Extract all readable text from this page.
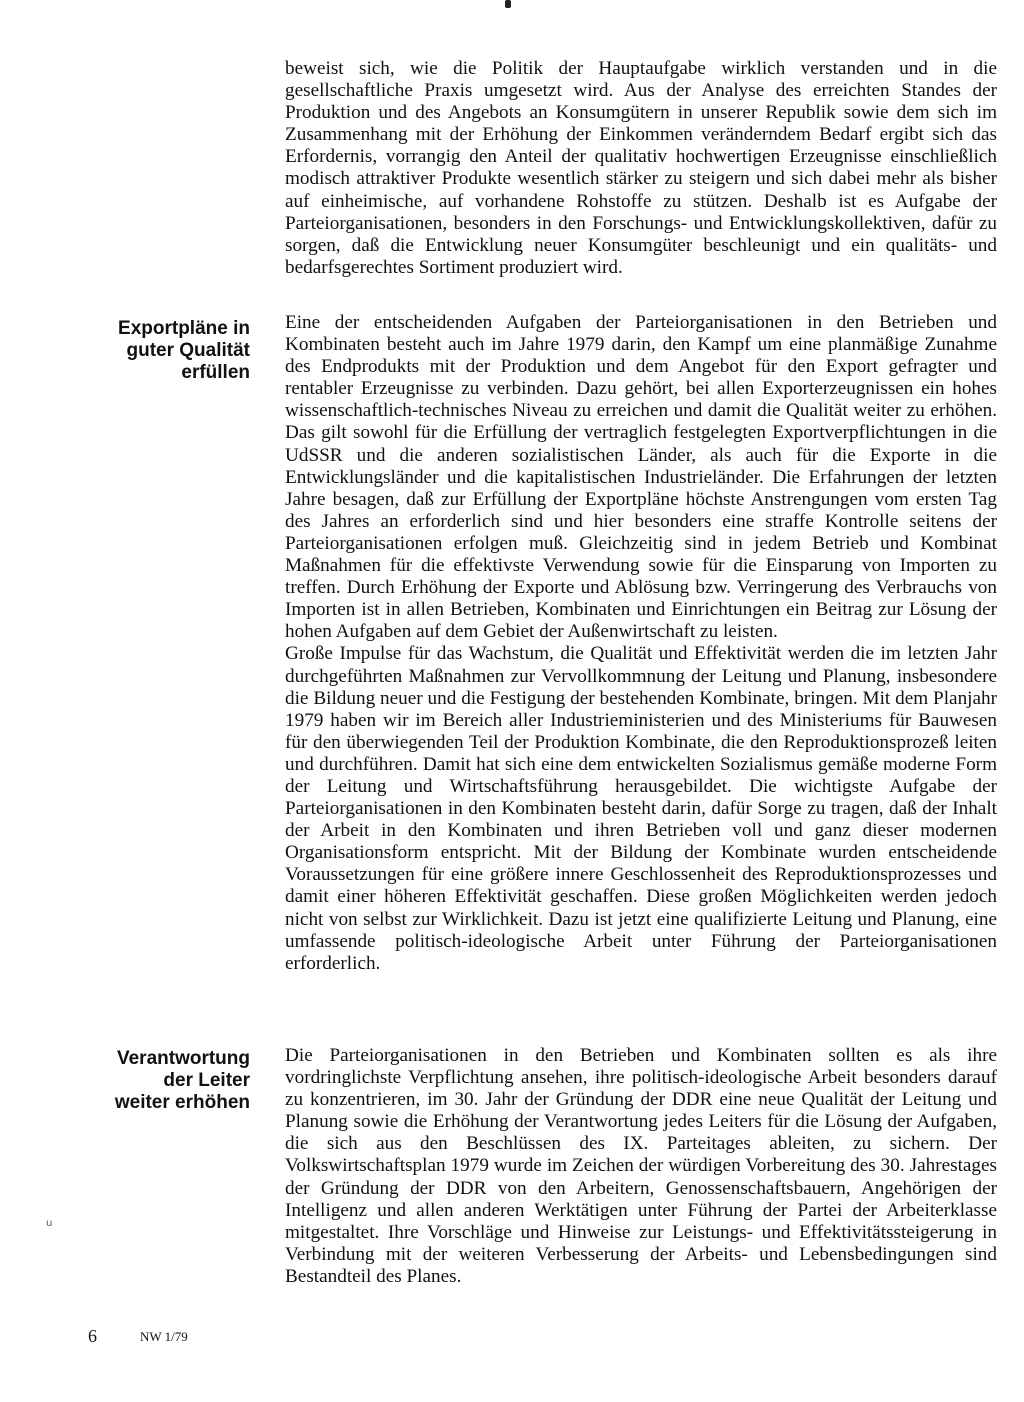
beweist sich, wie die Politik der Hauptaufgabe wirklich verstanden und in die gesellschaftliche Praxis umgesetzt wird. Aus der Analyse des erreichten Standes der Produktion und des Angebots an Konsumgütern in unserer Republik sowie dem sich im Zusammenhang mit der Erhöhung der Einkommen veränderndem Bedarf ergibt sich das Erfordernis, vorrangig den Anteil der qualitativ hochwertigen Erzeugnisse einschließlich modisch attraktiver Produkte wesentlich stärker zu steigern und sich dabei mehr als bisher auf einheimische, auf vorhandene Rohstoffe zu stützen. Deshalb ist es Aufgabe der Parteiorganisationen, besonders in den Forschungs- und Entwicklungskollektiven, dafür zu sorgen, daß die Entwicklung neuer Konsumgüter beschleunigt und ein qualitäts- und bedarfsgerechtes Sortiment produziert wird.

Exportpläne in
guter Qualität
erfüllen

Eine der entscheidenden Aufgaben der Parteiorganisationen in den Betrieben und Kombinaten besteht auch im Jahre 1979 darin, den Kampf um eine planmäßige Zunahme des Endprodukts mit der Produktion und dem Angebot für den Export gefragter und rentabler Erzeugnisse zu verbinden. Dazu gehört, bei allen Exporterzeugnissen ein hohes wissenschaftlich-technisches Niveau zu erreichen und damit die Qualität weiter zu erhöhen. Das gilt sowohl für die Erfüllung der vertraglich festgelegten Exportverpflichtungen in die UdSSR und die anderen sozialistischen Länder, als auch für die Exporte in die Entwicklungsländer und die kapitalistischen Industrieländer. Die Erfahrungen der letzten Jahre besagen, daß zur Erfüllung der Exportpläne höchste Anstrengungen vom ersten Tag des Jahres an erforderlich sind und hier besonders eine straffe Kontrolle seitens der Parteiorganisationen erfolgen muß. Gleichzeitig sind in jedem Betrieb und Kombinat Maßnahmen für die effektivste Verwendung sowie für die Einsparung von Importen zu treffen. Durch Erhöhung der Exporte und Ablösung bzw. Verringerung des Verbrauchs von Importen ist in allen Betrieben, Kombinaten und Einrichtungen ein Beitrag zur Lösung der hohen Aufgaben auf dem Gebiet der Außenwirtschaft zu leisten.

Große Impulse für das Wachstum, die Qualität und Effektivität werden die im letzten Jahr durchgeführten Maßnahmen zur Vervollkommnung der Leitung und Planung, insbesondere die Bildung neuer und die Festigung der bestehenden Kombinate, bringen. Mit dem Planjahr 1979 haben wir im Bereich aller Industrieministerien und des Ministeriums für Bauwesen für den überwiegenden Teil der Produktion Kombinate, die den Reproduktionsprozeß leiten und durchführen. Damit hat sich eine dem entwickelten Sozialismus gemäße moderne Form der Leitung und Wirtschaftsführung herausgebildet. Die wichtigste Aufgabe der Parteiorganisationen in den Kombinaten besteht darin, dafür Sorge zu tragen, daß der Inhalt der Arbeit in den Kombinaten und ihren Betrieben voll und ganz dieser modernen Organisationsform entspricht. Mit der Bildung der Kombinate wurden entscheidende Voraussetzungen für eine größere innere Geschlossenheit des Reproduktionsprozesses und damit einer höheren Effektivität geschaffen. Diese großen Möglichkeiten werden jedoch nicht von selbst zur Wirklichkeit. Dazu ist jetzt eine qualifizierte Leitung und Planung, eine umfassende politisch-ideologische Arbeit unter Führung der Parteiorganisationen erforderlich.

Verantwortung
der Leiter
weiter erhöhen

Die Parteiorganisationen in den Betrieben und Kombinaten sollten es als ihre vordringlichste Verpflichtung ansehen, ihre politisch-ideologische Arbeit besonders darauf zu konzentrieren, im 30. Jahr der Gründung der DDR eine neue Qualität der Leitung und Planung sowie die Erhöhung der Verantwortung jedes Leiters für die Lösung der Aufgaben, die sich aus den Beschlüssen des IX. Parteitages ableiten, zu sichern. Der Volkswirtschaftsplan 1979 wurde im Zeichen der würdigen Vorbereitung des 30. Jahrestages der Gründung der DDR von den Arbeitern, Genossenschaftsbauern, Angehörigen der Intelligenz und allen anderen Werktätigen unter Führung der Partei der Arbeiterklasse mitgestaltet. Ihre Vorschläge und Hinweise zur Leistungs- und Effektivitätssteigerung in Verbindung mit der weiteren Verbesserung der Arbeits- und Lebensbedingungen sind Bestandteil des Planes.

u
6	NW 1/79
